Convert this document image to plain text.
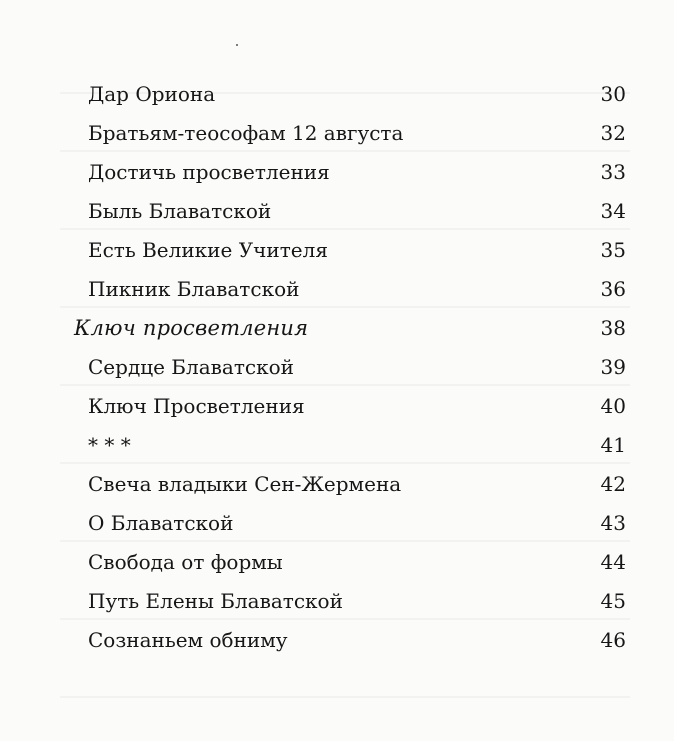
Дар Ориона	30
Братьям-теософам 12 августа	32
Достичь просветления	33
Быль Блаватской	34
Есть Великие Учителя	35
Пикник Блаватской	36
Ключ просветления	38
Сердце Блаватской	39
Ключ Просветления	40
* * *	41
Свеча владыки Сен-Жермена	42
О Блаватской	43
Свобода от формы	44
Путь Елены Блаватской	45
Сознаньем обниму	46
